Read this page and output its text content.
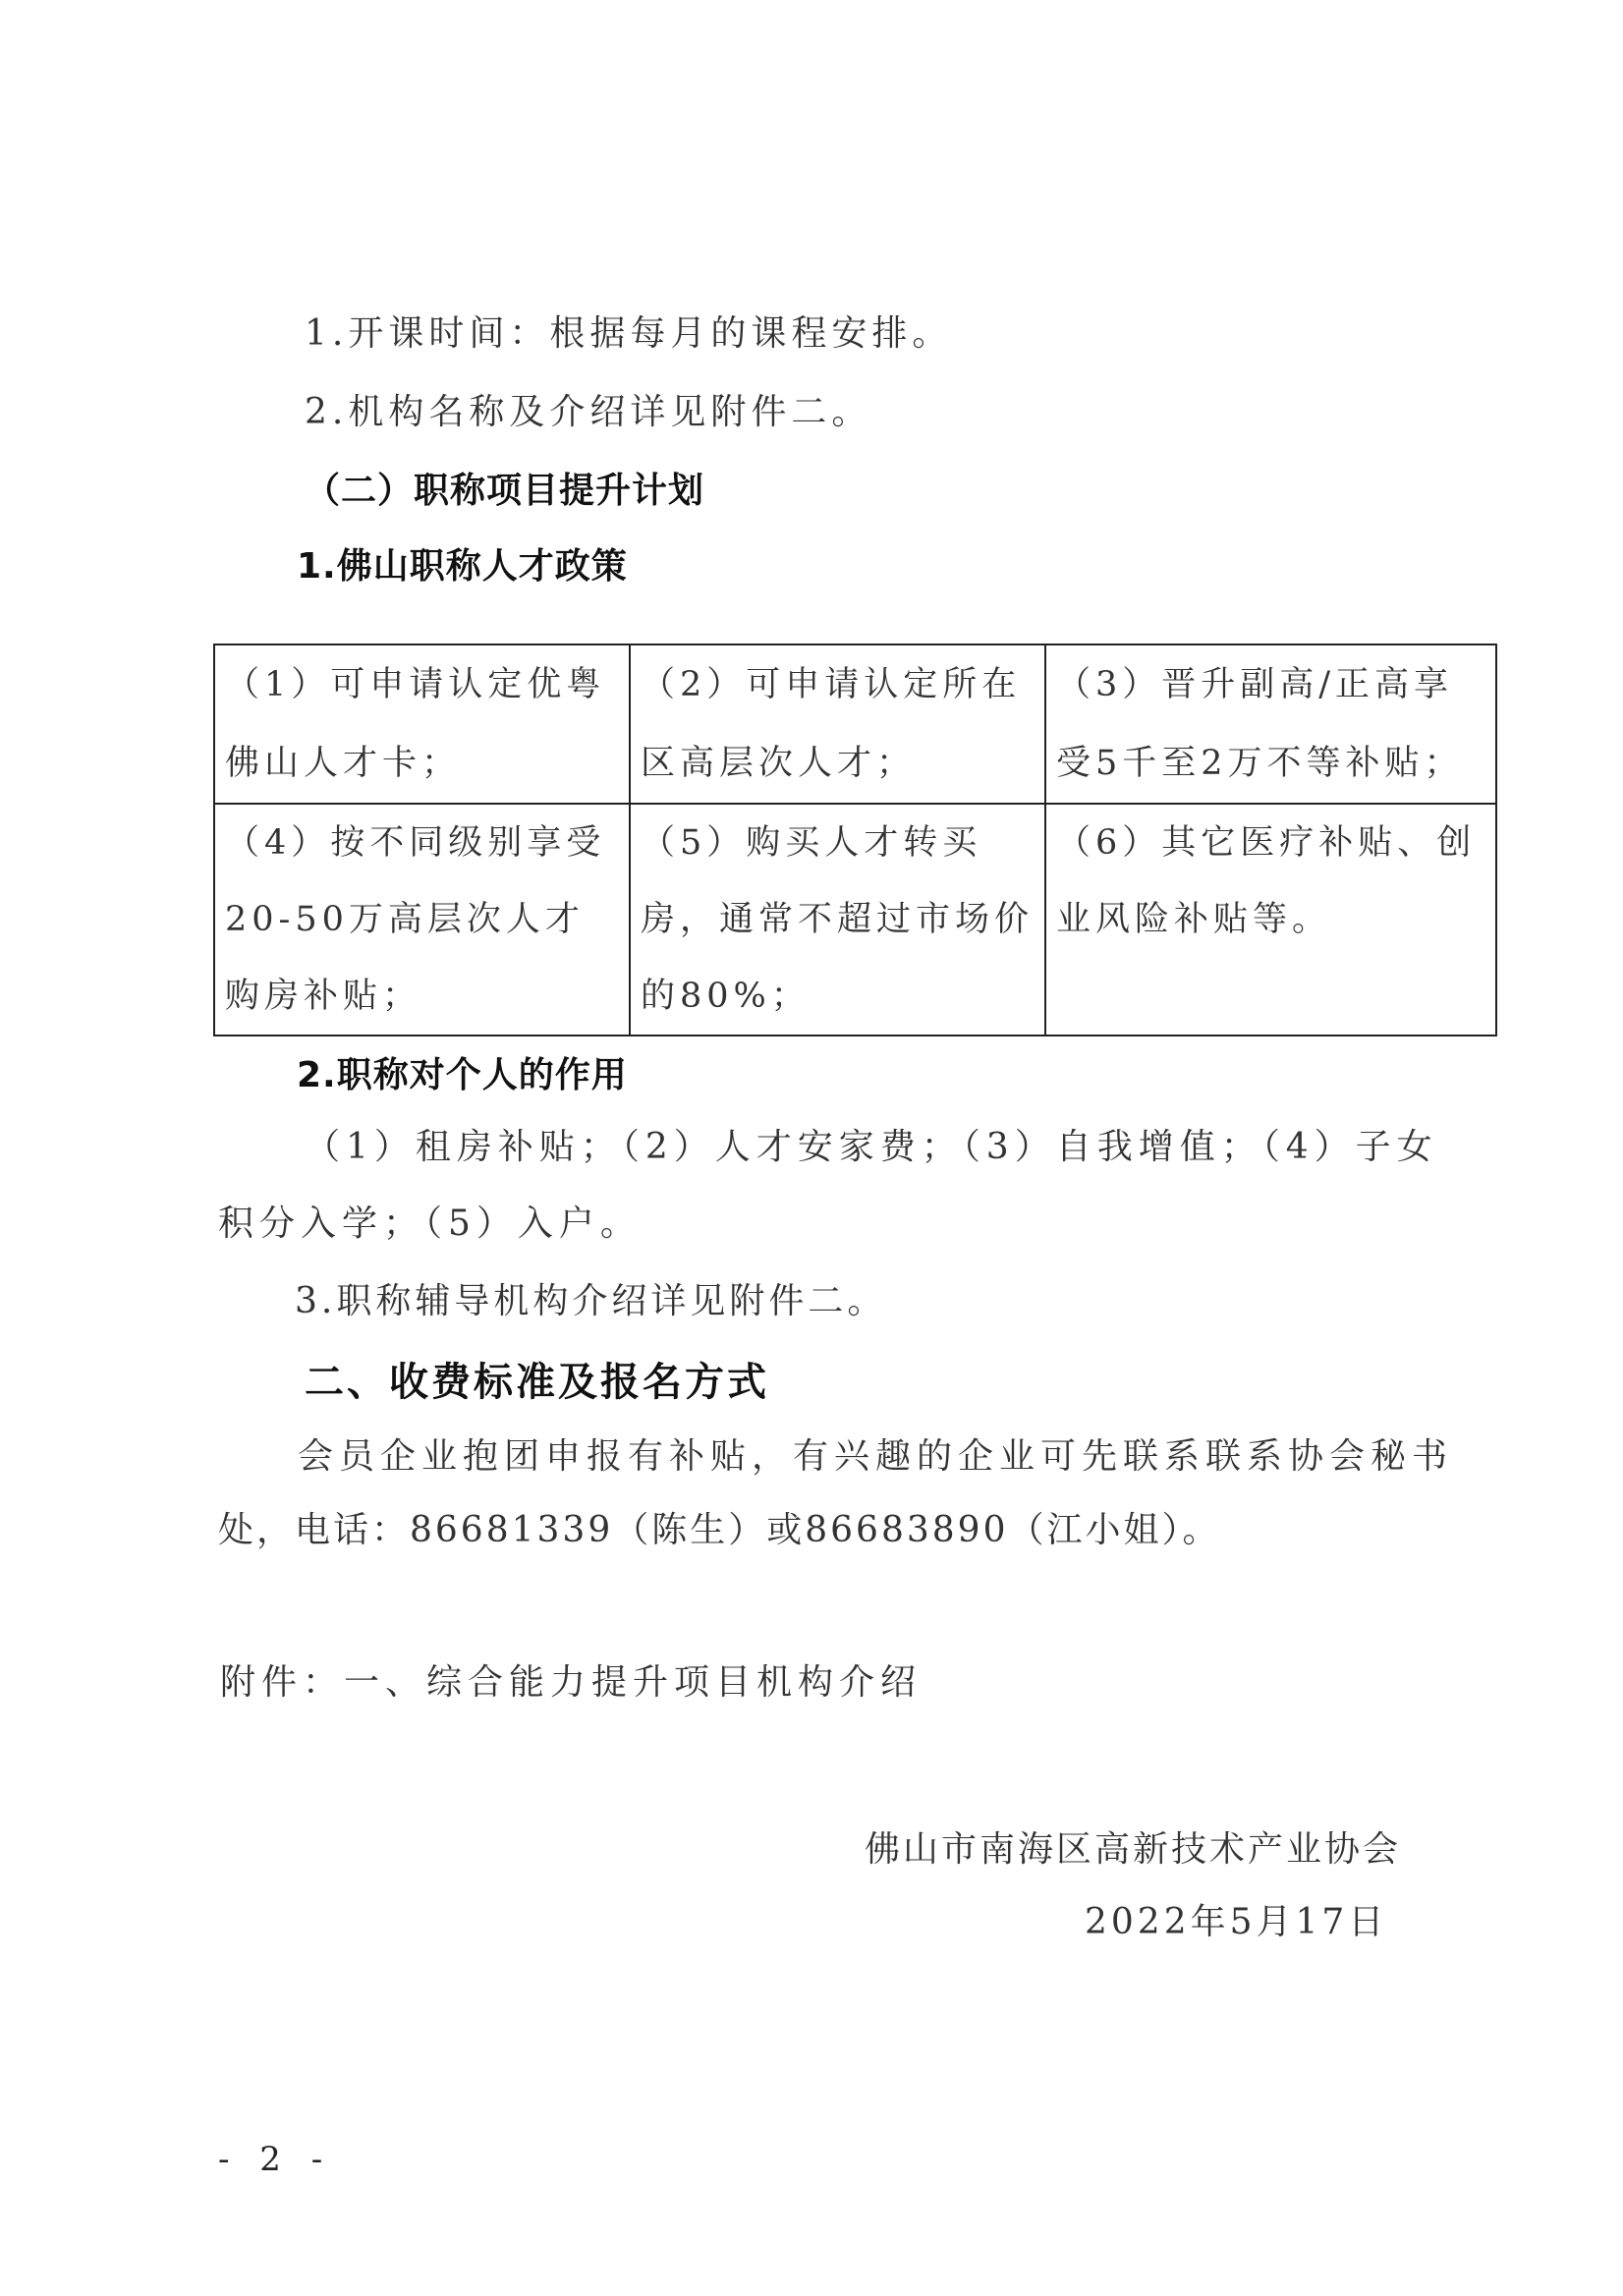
1.开课时间：根据每月的课程安排。
2.机构名称及介绍详见附件二。
（二）职称项目提升计划
1.佛山职称人才政策
（1）可申请认定优粤佛山人才卡；	（2）可申请认定所在区高层次人才；	（3）晋升副高/正高享受5千至2万不等补贴；

（4）按不同级别享受20-50万高层次人才购房补贴；	（5）购买人才转买房，通常不超过市场价的80%；	（6）其它医疗补贴、创业风险补贴等。
2.职称对个人的作用
（1）租房补贴；（2）人才安家费；（3）自我增值；（4）子女
积分入学；（5）入户。
3.职称辅导机构介绍详见附件二。
二、收费标准及报名方式
会员企业抱团申报有补贴，有兴趣的企业可先联系联系协会秘书
处，电话：86681339（陈生）或86683890（江小姐）。
附件：一、综合能力提升项目机构介绍
佛山市南海区高新技术产业协会
2022年5月17日
- 2 -
